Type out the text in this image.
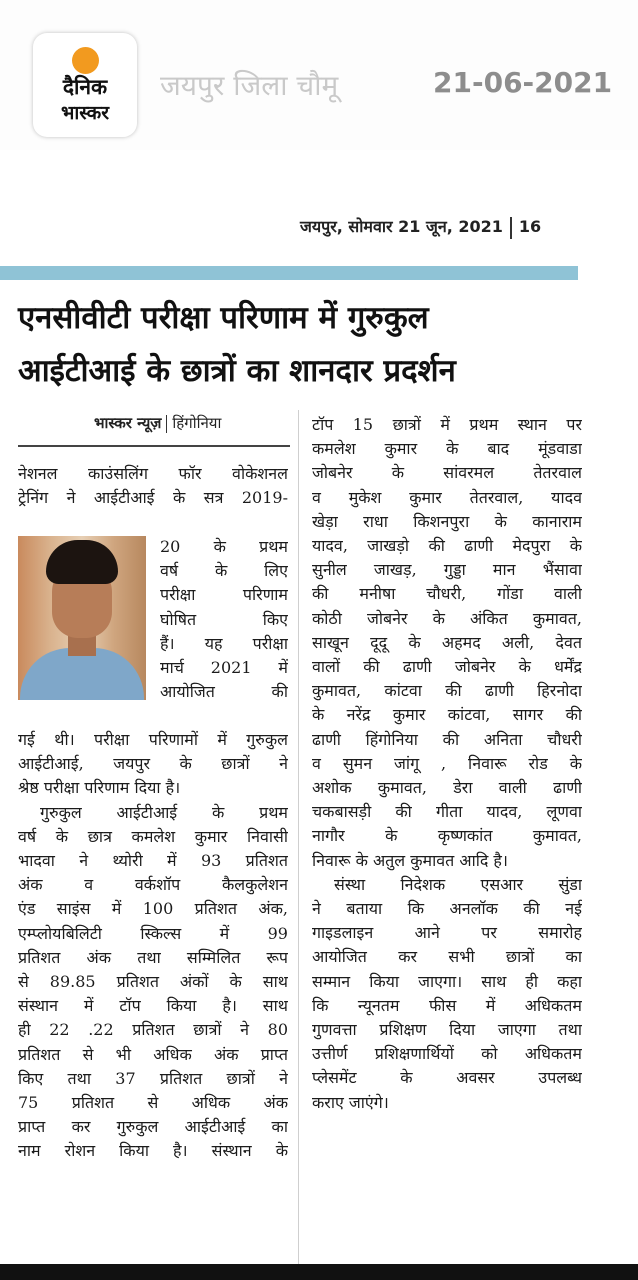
दैनिक
भास्कर
जयपुर जिला चौमू	21-06-2021
जयपुर, सोमवार 21 जून, 2021 16
एनसीवीटी परीक्षा परिणाम में गुरुकुल
आईटीआई के छात्रों का शानदार प्रदर्शन
भास्कर न्यूज़ हिंगोनिया
नेशनल काउंसलिंग फॉर वोकेशनल
ट्रेनिंग ने आईटीआई के सत्र 2019-
20 के प्रथम
वर्ष के लिए
परीक्षा परिणाम
घोषित किए
हैं। यह परीक्षा
मार्च 2021 में
आयोजित की
गई थी। परीक्षा परिणामों में गुरुकुल
आईटीआई, जयपुर के छात्रों ने
श्रेष्ठ परीक्षा परिणाम दिया है।
गुरुकुल आईटीआई के प्रथम
वर्ष के छात्र कमलेश कुमार निवासी
भादवा ने थ्योरी में 93 प्रतिशत
अंक व वर्कशॉप कैलकुलेशन
एंड साइंस में 100 प्रतिशत अंक,
एम्प्लोयबिलिटी स्किल्स में 99
प्रतिशत अंक तथा सम्मिलित रूप
से 89.85 प्रतिशत अंकों के साथ
संस्थान में टॉप किया है। साथ
ही 22 .22 प्रतिशत छात्रों ने 80
प्रतिशत से भी अधिक अंक प्राप्त
किए तथा 37 प्रतिशत छात्रों ने
75 प्रतिशत से अधिक अंक
प्राप्त कर गुरुकुल आईटीआई का
नाम रोशन किया है। संस्थान के
टॉप 15 छात्रों में प्रथम स्थान पर
कमलेश कुमार के बाद मूंडवाडा
जोबनेर के सांवरमल तेतरवाल
व मुकेश कुमार तेतरवाल, यादव
खेड़ा राधा किशनपुरा के कानाराम
यादव, जाखड़ो की ढाणी मेदपुरा के
सुनील जाखड़, गुड्डा मान भैंसावा
की मनीषा चौधरी, गोंडा वाली
कोठी जोबनेर के अंकित कुमावत,
साखून दूदू के अहमद अली, देवत
वालों की ढाणी जोबनेर के धर्मेंद्र
कुमावत, कांटवा की ढाणी हिरनोदा
के नरेंद्र कुमार कांटवा, सागर की
ढाणी हिंगोनिया की अनिता चौधरी
व सुमन जांगू , निवारू रोड के
अशोक कुमावत, डेरा वाली ढाणी
चकबासड़ी की गीता यादव, लूणवा
नागौर के कृष्णकांत कुमावत,
निवारू के अतुल कुमावत आदि है।
संस्था निदेशक एसआर सुंडा
ने बताया कि अनलॉक की नई
गाइडलाइन आने पर समारोह
आयोजित कर सभी छात्रों का
सम्मान किया जाएगा। साथ ही कहा
कि न्यूनतम फीस में अधिकतम
गुणवत्ता प्रशिक्षण दिया जाएगा तथा
उत्तीर्ण प्रशिक्षणार्थियों को अधिकतम
प्लेसमेंट के अवसर उपलब्ध
कराए जाएंगे।
